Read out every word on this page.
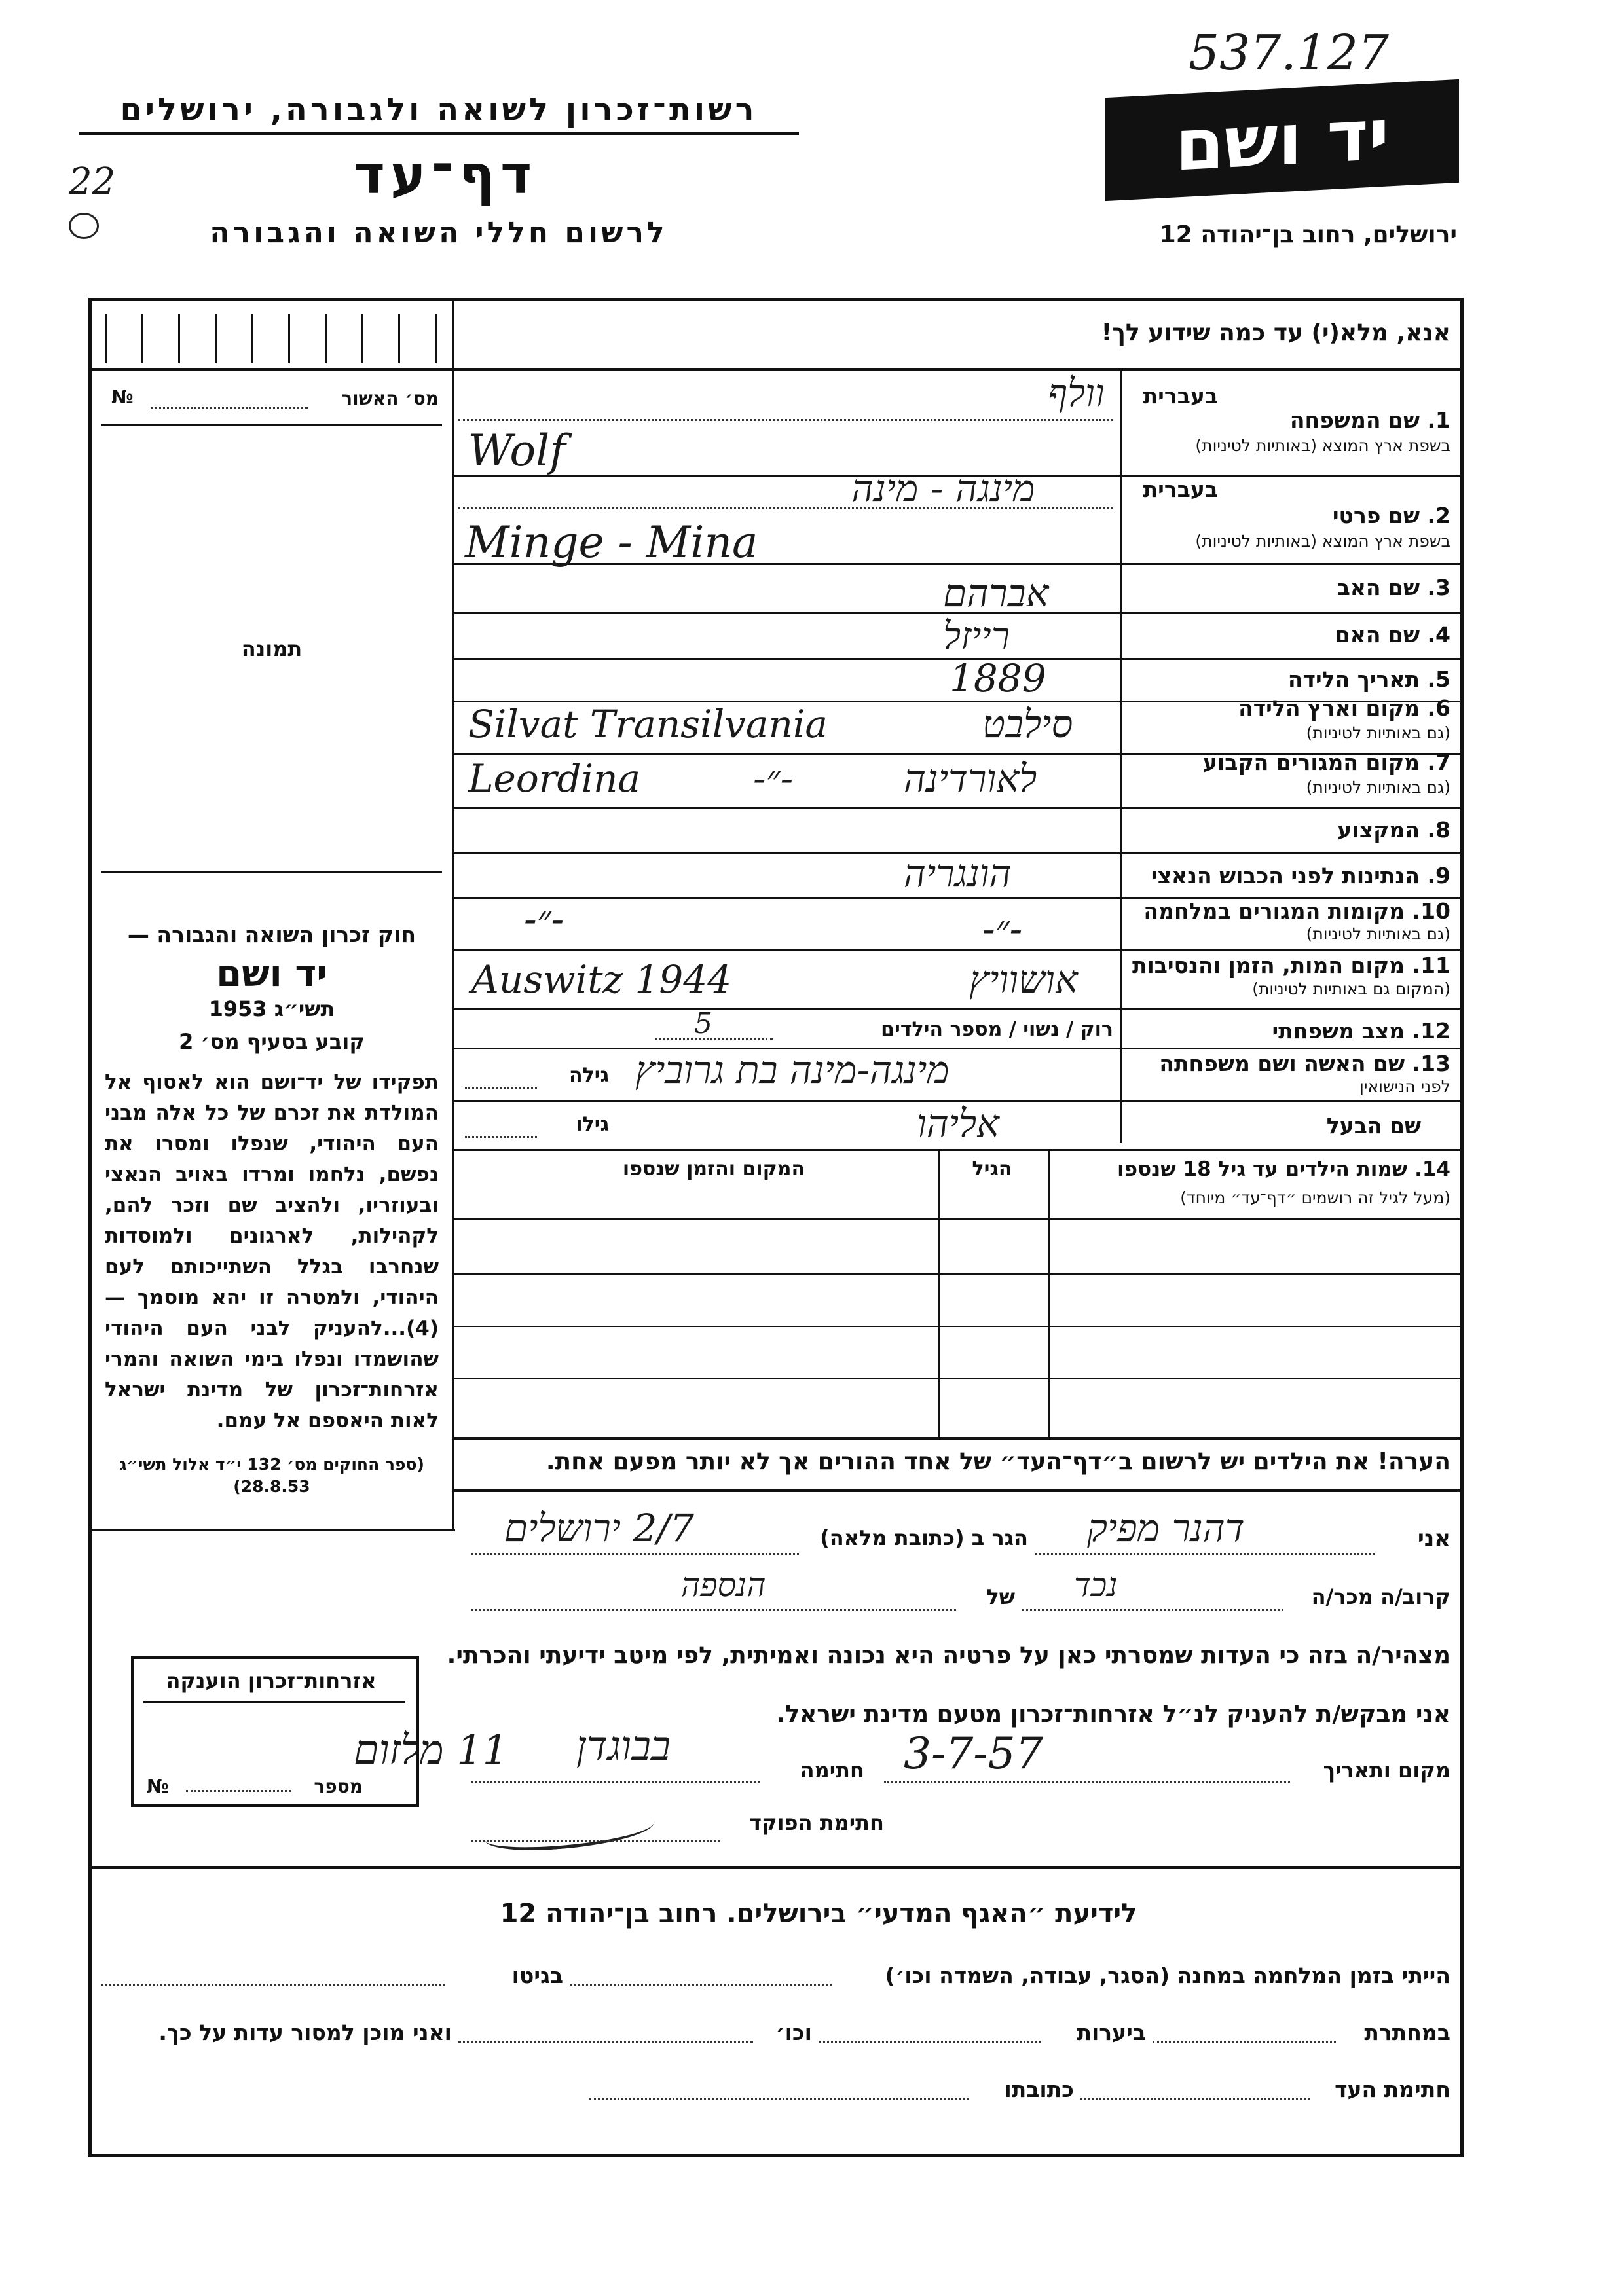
537.127
רשות־זכרון לשואה ולגבורה, ירושלים
דף־עד
22
לרשום חללי השואה והגבורה
יד ושם
ירושלים, רחוב בן־יהודה 12
אנא, מלא(י) עד כמה שידוע לך!
מס׳ האשור
№
תמונה
חוק זכרון השואה והגבורה —
יד ושם
תשי״ג 1953
קובע בסעיף מס׳ 2
תפקידו של יד־ושם הוא לאסוף אל המולדת את זכרם של כל אלה מבני העם היהודי, שנפלו ומסרו את נפשם, נלחמו ומרדו באויב הנאצי ובעוזריו, ולהציב שם וזכר להם, לקהילות, לארגונים ולמוסדות שנחרבו בגלל השתייכותם לעם היהודי, ולמטרה זו יהא מוסמך — (4)...להעניק לבני העם היהודי שהושמדו ונפלו בימי השואה והמרי אזרחות־זכרון של מדינת ישראל לאות היאספם אל עמם.
(ספר החוקים מס׳ 132 י״ד אלול תשי״ג 28.8.53)
בעברית
1. שם המשפחה
בשפת ארץ המוצא (באותיות לטיניות)
וולף
Wolf
בעברית
2. שם פרטי
בשפת ארץ המוצא (באותיות לטיניות)
מינגה - מינה
Minge - Mina
3. שם האב
אברהם
4. שם האם
רייזל
5. תאריך הלידה
1889
6. מקום וארץ הלידה
(גם באותיות לטיניות)
Silvat Transilvania	סילבט
7. מקום המגורים הקבוע
(גם באותיות לטיניות)
Leordina	-״-	לאורדינה
8. המקצוע
9. הנתינות לפני הכבוש הנאצי
הונגריה
10. מקומות המגורים במלחמה
(גם באותיות לטיניות)
-״-	-״-
11. מקום המות, הזמן והנסיבות
(המקום גם באותיות לטיניות)
Auswitz 1944	אושוויץ
12. מצב משפחתי
רוק / נשוי / מספר הילדים
5
13. שם האשה ושם משפחתה
לפני הנישואין
מינגה-מינה בת גרוביץ
גילה
שם הבעל
אליהו
גילו
14. שמות הילדים עד גיל 18 שנספו
(מעל לגיל זה רושמים ״דף־עד״ מיוחד)
הגיל
המקום והזמן שנספו
הערה! את הילדים יש לרשום ב״דף־העד״ של אחד ההורים אך לא יותר מפעם אחת.
אני
דהנר מפיק
הגר ב (כתובת מלאה)
2/7 ירושלים
קרוב/ה מכר/ה
נכד
של
הנספה
מצהיר/ה בזה כי העדות שמסרתי כאן על פרטיה היא נכונה ואמיתית, לפי מיטב ידיעתי והכרתי.
אני מבקש/ת להעניק לנ״ל אזרחות־זכרון מטעם מדינת ישראל.
מקום ותאריך
3-7-57
חתימה
בבוגדן
11 מלזום
חתימת הפוקד
אזרחות־זכרון הוענקה
מספר
№
לידיעת ״האגף המדעי״ בירושלים. רחוב בן־יהודה 12
הייתי בזמן המלחמה במחנה (הסגר, עבודה, השמדה וכו׳)
בגיטו
במחתרת
ביערות
וכו׳
ואני מוכן למסור עדות על כך.
חתימת העד
כתובתו
